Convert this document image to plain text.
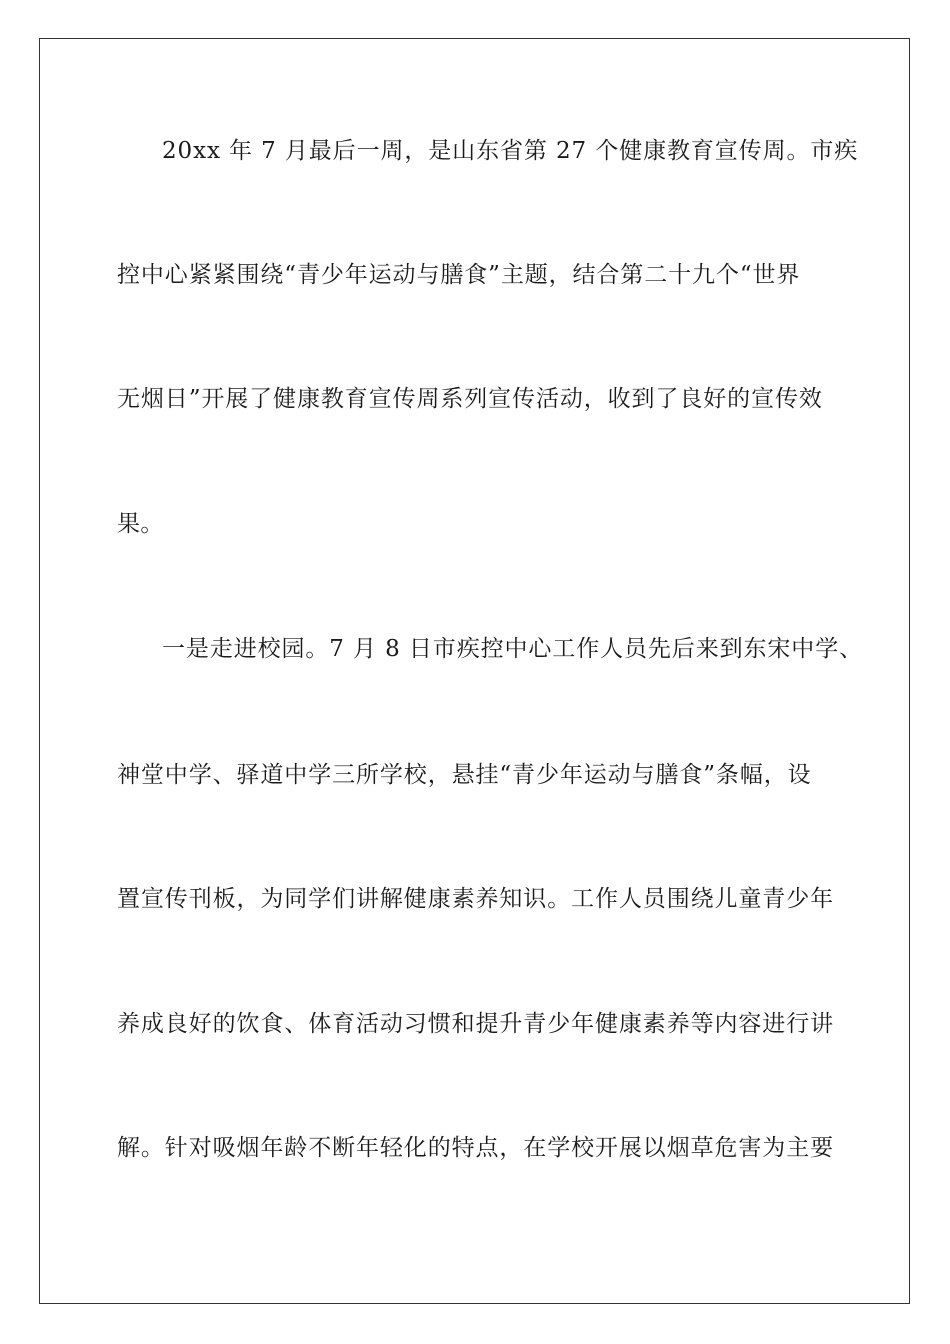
20xx 年 7 月最后一周，是山东省第 27 个健康教育宣传周。市疾
控中心紧紧围绕“青少年运动与膳食”主题，结合第二十九个“世界
无烟日”开展了健康教育宣传周系列宣传活动，收到了良好的宣传效
果。
一是走进校园。7 月 8 日市疾控中心工作人员先后来到东宋中学、
神堂中学、驿道中学三所学校，悬挂“青少年运动与膳食”条幅，设
置宣传刊板，为同学们讲解健康素养知识。工作人员围绕儿童青少年
养成良好的饮食、体育活动习惯和提升青少年健康素养等内容进行讲
解。针对吸烟年龄不断年轻化的特点，在学校开展以烟草危害为主要
